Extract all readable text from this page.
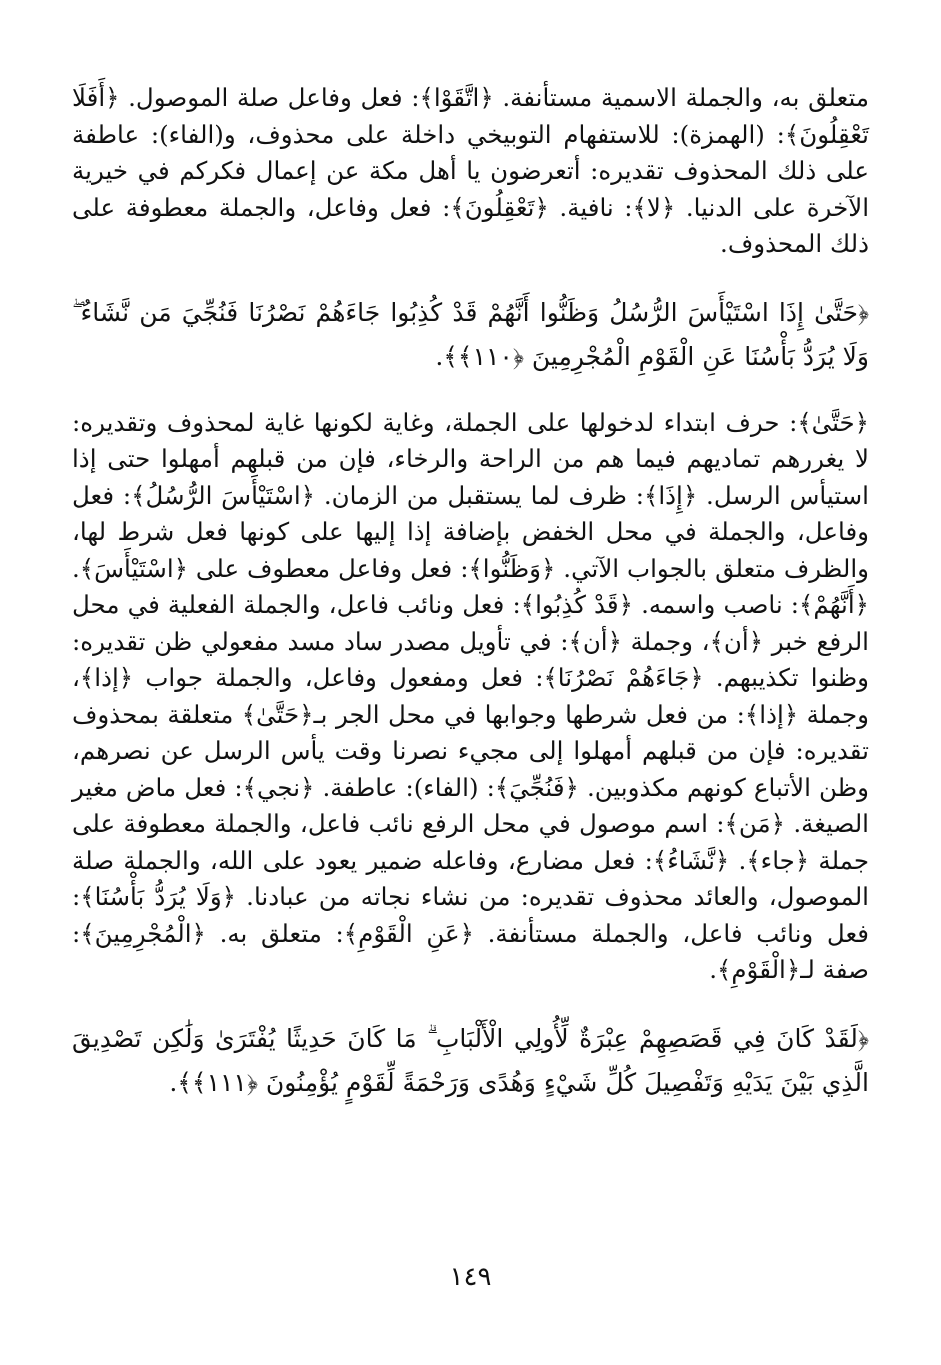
متعلق به، والجملة الاسمية مستأنفة. ﴿اتَّقَوْا﴾: فعل وفاعل صلة الموصول. ﴿أَفَلَا تَعْقِلُونَ﴾: (الهمزة): للاستفهام التوبيخي داخلة على محذوف، و(الفاء): عاطفة على ذلك المحذوف تقديره: أتعرضون يا أهل مكة عن إعمال فكركم في خيرية الآخرة على الدنيا. ﴿لا﴾: نافية. ﴿تَعْقِلُونَ﴾: فعل وفاعل، والجملة معطوفة على ذلك المحذوف.

﴿حَتَّىٰ إِذَا اسْتَيْأَسَ الرُّسُلُ وَظَنُّوا أَنَّهُمْ قَدْ كُذِبُوا جَاءَهُمْ نَصْرُنَا فَنُجِّيَ مَن نَّشَاءُ ۖ وَلَا يُرَدُّ بَأْسُنَا عَنِ الْقَوْمِ الْمُجْرِمِينَ ﴿١١٠﴾﴾.

﴿حَتَّىٰ﴾: حرف ابتداء لدخولها على الجملة، وغاية لكونها غاية لمحذوف وتقديره: لا يغررهم تماديهم فيما هم من الراحة والرخاء، فإن من قبلهم أمهلوا حتى إذا استيأس الرسل. ﴿إِذَا﴾: ظرف لما يستقبل من الزمان. ﴿اسْتَيْأَسَ الرُّسُلُ﴾: فعل وفاعل، والجملة في محل الخفض بإضافة إذا إليها على كونها فعل شرط لها، والظرف متعلق بالجواب الآتي. ﴿وَظَنُّوا﴾: فعل وفاعل معطوف على ﴿اسْتَيْأَسَ﴾. ﴿أَنَّهُمْ﴾: ناصب واسمه. ﴿قَدْ كُذِبُوا﴾: فعل ونائب فاعل، والجملة الفعلية في محل الرفع خبر ﴿أن﴾، وجملة ﴿أن﴾: في تأويل مصدر ساد مسد مفعولي ظن تقديره: وظنوا تكذيبهم. ﴿جَاءَهُمْ نَصْرُنَا﴾: فعل ومفعول وفاعل، والجملة جواب ﴿إذا﴾، وجملة ﴿إذا﴾: من فعل شرطها وجوابها في محل الجر بـ﴿حَتَّىٰ﴾ متعلقة بمحذوف تقديره: فإن من قبلهم أمهلوا إلى مجيء نصرنا وقت يأس الرسل عن نصرهم، وظن الأتباع كونهم مكذوبين. ﴿فَنُجِّيَ﴾: (الفاء): عاطفة. ﴿نجي﴾: فعل ماض مغير الصيغة. ﴿مَن﴾: اسم موصول في محل الرفع نائب فاعل، والجملة معطوفة على جملة ﴿جاء﴾. ﴿نَّشَاءُ﴾: فعل مضارع، وفاعله ضمير يعود على الله، والجملة صلة الموصول، والعائد محذوف تقديره: من نشاء نجاته من عبادنا. ﴿وَلَا يُرَدُّ بَأْسُنَا﴾: فعل ونائب فاعل، والجملة مستأنفة. ﴿عَنِ الْقَوْمِ﴾: متعلق به. ﴿الْمُجْرِمِينَ﴾: صفة لـ﴿الْقَوْمِ﴾.

﴿لَقَدْ كَانَ فِي قَصَصِهِمْ عِبْرَةٌ لِّأُولِي الْأَلْبَابِ ۗ مَا كَانَ حَدِيثًا يُفْتَرَىٰ وَلَٰكِن تَصْدِيقَ الَّذِي بَيْنَ يَدَيْهِ وَتَفْصِيلَ كُلِّ شَيْءٍ وَهُدًى وَرَحْمَةً لِّقَوْمٍ يُؤْمِنُونَ ﴿١١١﴾﴾.

١٤٩
